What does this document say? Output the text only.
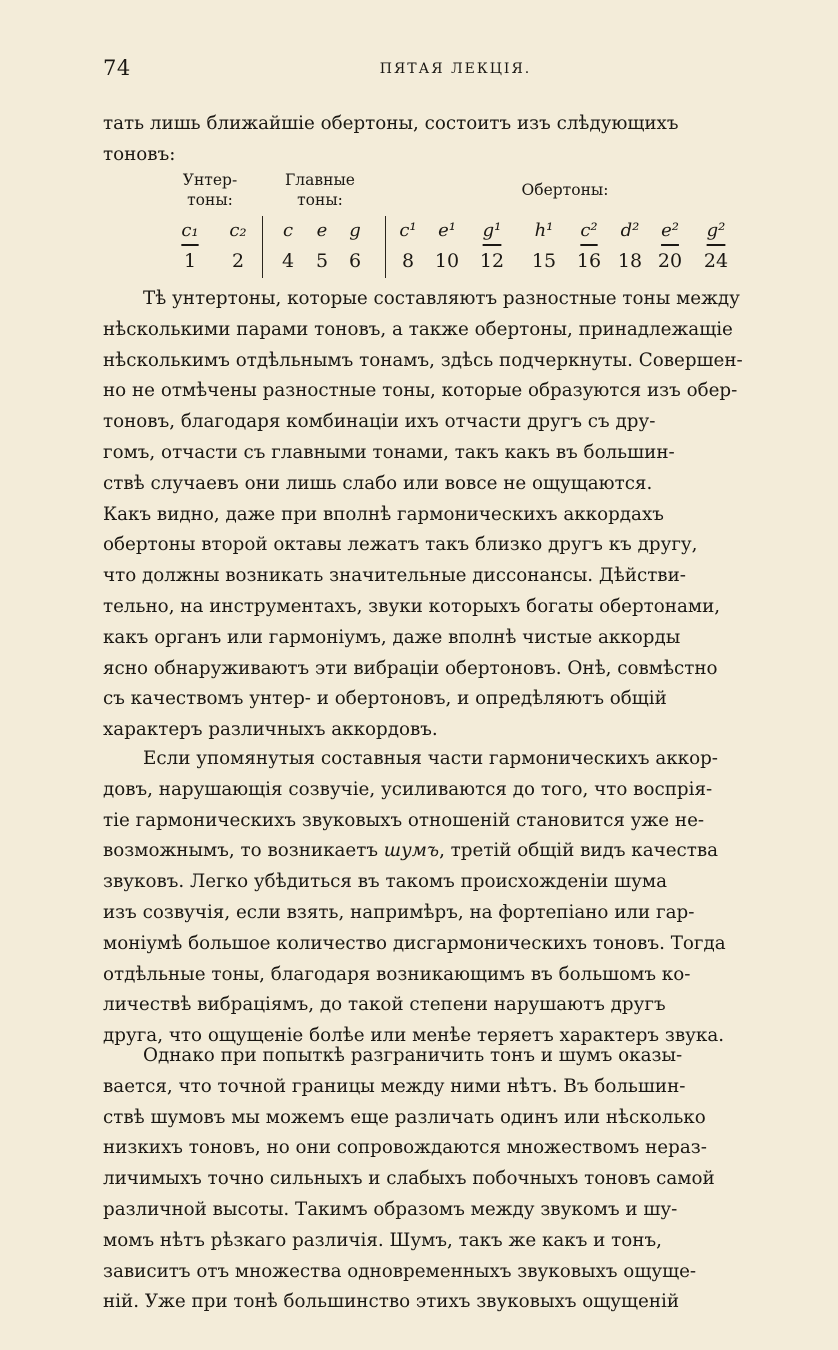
74	ПЯТАЯ ЛЕКЦІЯ.

тать лишь ближайшіе обертоны, состоитъ изъ слѣдующихъ

тоновъ:

Унтер-
тоны:
Главные
тоны:
Обертоны:
c₁	c₂	c	e	g	c¹	e¹	g¹	h¹	c²	d²	e²	g²
1	2	4	5	6	8	10	12	15	16 18 20	24

Тѣ унтертоны, которые составляютъ разностные тоны между

нѣсколькими парами тоновъ, а также обертоны, принадлежащіе

нѣсколькимъ отдѣльнымъ тонамъ, здѣсь подчеркнуты. Совершен-

но не отмѣчены разностные тоны, которые образуются изъ обер-

тоновъ, благодаря комбинаціи ихъ отчасти другъ съ дру-

гомъ, отчасти съ главными тонами, такъ какъ въ большин-

ствѣ случаевъ они лишь слабо или вовсе не ощущаются.

Какъ видно, даже при вполнѣ гармоническихъ аккордахъ

обертоны второй октавы лежатъ такъ близко другъ къ другу,

что должны возникать значительные диссонансы. Дѣйстви-

тельно, на инструментахъ, звуки которыхъ богаты обертонами,

какъ органъ или гармоніумъ, даже вполнѣ чистые аккорды

ясно обнаруживаютъ эти вибраціи обертоновъ. Онѣ, совмѣстно

съ качествомъ унтер- и обертоновъ, и опредѣляютъ общій

характеръ различныхъ аккордовъ.

Если упомянутыя составныя части гармоническихъ аккор-

довъ, нарушающія созвучіе, усиливаются до того, что воспрія-

тіе гармоническихъ звуковыхъ отношеній становится уже не-

возможнымъ, то возникаетъ шумъ, третій общій видъ качества

звуковъ. Легко убѣдиться въ такомъ происхожденіи шума

изъ созвучія, если взять, напримѣръ, на фортепіано или гар-

моніумѣ большое количество дисгармоническихъ тоновъ. Тогда

отдѣльные тоны, благодаря возникающимъ въ большомъ ко-

личествѣ вибраціямъ, до такой степени нарушаютъ другъ

друга, что ощущеніе болѣе или менѣе теряетъ характеръ звука.

Однако при попыткѣ разграничить тонъ и шумъ оказы-

вается, что точной границы между ними нѣтъ. Въ большин-

ствѣ шумовъ мы можемъ еще различать одинъ или нѣсколько

низкихъ тоновъ, но они сопровождаются множествомъ нераз-

личимыхъ точно сильныхъ и слабыхъ побочныхъ тоновъ самой

различной высоты. Такимъ образомъ между звукомъ и шу-

момъ нѣтъ рѣзкаго различія. Шумъ, такъ же какъ и тонъ,

зависитъ отъ множества одновременныхъ звуковыхъ ощуще-

ній. Уже при тонѣ большинство этихъ звуковыхъ ощущеній
